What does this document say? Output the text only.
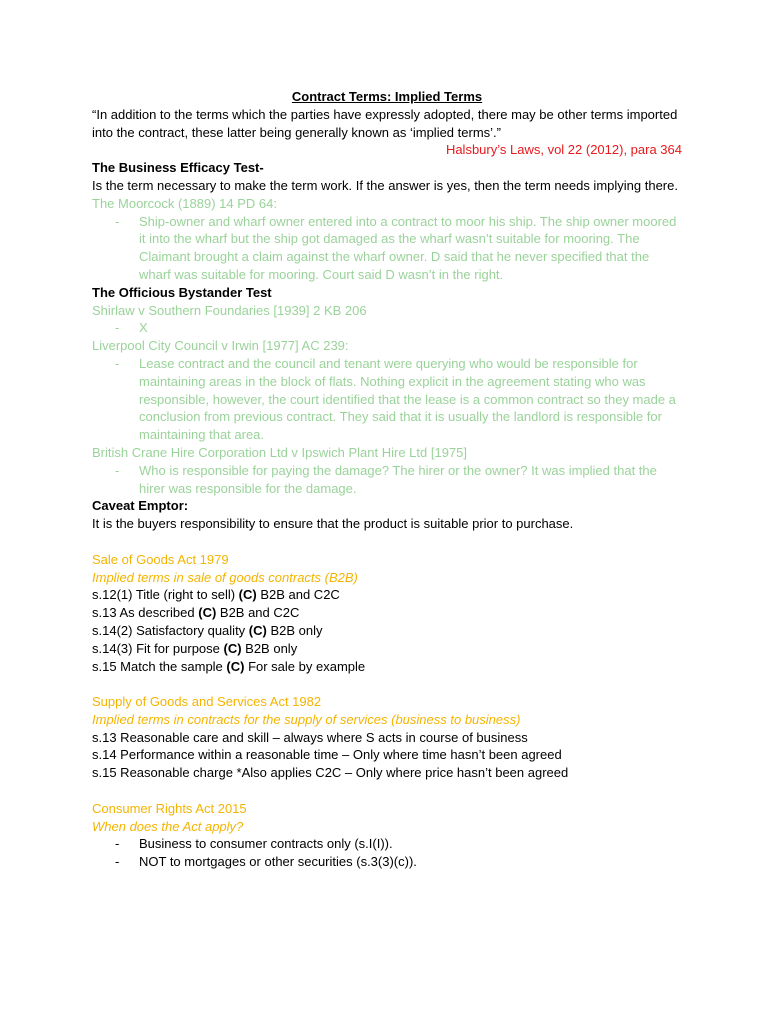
Contract Terms: Implied Terms
“In addition to the terms which the parties have expressly adopted, there may be other terms imported into the contract, these latter being generally known as ‘implied terms’.”
Halsbury’s Laws, vol 22 (2012), para 364
The Business Efficacy Test-
Is the term necessary to make the term work. If the answer is yes, then the term needs implying there.
The Moorcock (1889) 14 PD 64:
- Ship-owner and wharf owner entered into a contract to moor his ship. The ship owner moored it into the wharf but the ship got damaged as the wharf wasn’t suitable for mooring. The Claimant brought a claim against the wharf owner. D said that he never specified that the wharf was suitable for mooring. Court said D wasn’t in the right.
The Officious Bystander Test
Shirlaw v Southern Foundaries [1939] 2 KB 206
- X
Liverpool City Council v Irwin [1977] AC 239:
- Lease contract and the council and tenant were querying who would be responsible for maintaining areas in the block of flats. Nothing explicit in the agreement stating who was responsible, however, the court identified that the lease is a common contract so they made a conclusion from previous contract. They said that it is usually the landlord is responsible for maintaining that area.
British Crane Hire Corporation Ltd v Ipswich Plant Hire Ltd [1975]
- Who is responsible for paying the damage? The hirer or the owner? It was implied that the hirer was responsible for the damage.
Caveat Emptor:
It is the buyers responsibility to ensure that the product is suitable prior to purchase.
Sale of Goods Act 1979
Implied terms in sale of goods contracts (B2B)
s.12(1) Title (right to sell) (C) B2B and C2C
s.13 As described (C) B2B and C2C
s.14(2) Satisfactory quality (C) B2B only
s.14(3) Fit for purpose (C) B2B only
s.15 Match the sample (C) For sale by example
Supply of Goods and Services Act 1982
Implied terms in contracts for the supply of services (business to business)
s.13 Reasonable care and skill – always where S acts in course of business
s.14 Performance within a reasonable time – Only where time hasn’t been agreed
s.15 Reasonable charge *Also applies C2C – Only where price hasn’t been agreed
Consumer Rights Act 2015
When does the Act apply?
- Business to consumer contracts only (s.I(I)).
- NOT to mortgages or other securities (s.3(3)(c)).
